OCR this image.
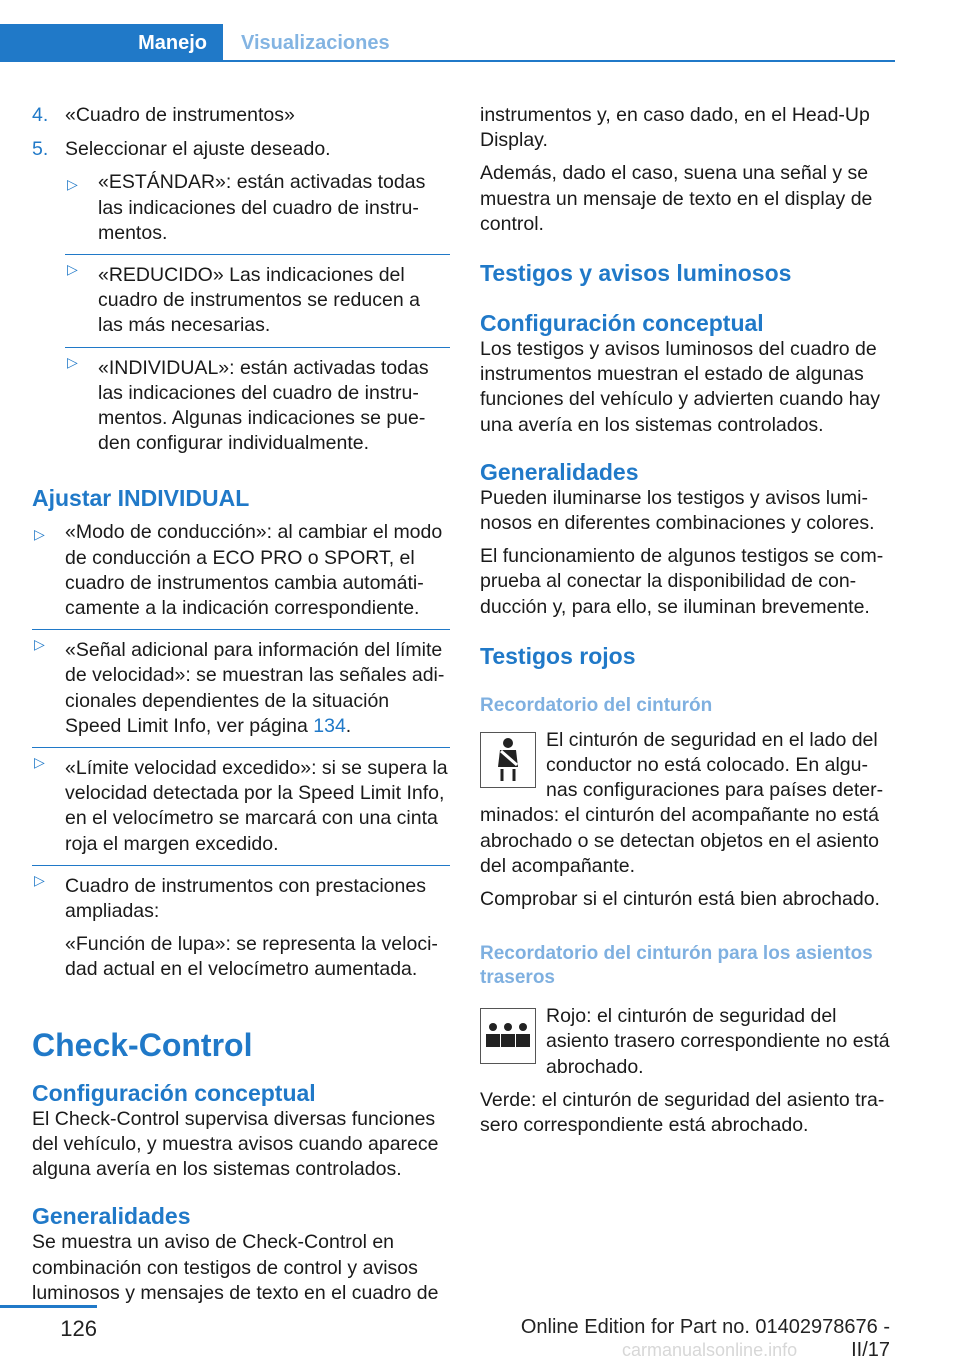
Manejo	Visualizaciones
4. «Cuadro de instrumentos»
5. Seleccionar el ajuste deseado.
▷ «ESTÁNDAR»: están activadas todas las indicaciones del cuadro de instru‐ mentos.
▷ «REDUCIDO» Las indicaciones del cuadro de instrumentos se reducen a las más necesarias.
▷ «INDIVIDUAL»: están activadas todas las indicaciones del cuadro de instru‐ mentos. Algunas indicaciones se pue‐ den configurar individualmente.
Ajustar INDIVIDUAL
▷ «Modo de conducción»: al cambiar el modo de conducción a ECO PRO o SPORT, el cuadro de instrumentos cambia automáti‐ camente a la indicación correspondiente.
▷ «Señal adicional para información del límite de velocidad»: se muestran las señales adi‐ cionales dependientes de la situación Speed Limit Info, ver página 134.
▷ «Límite velocidad excedido»: si se supera la velocidad detectada por la Speed Limit Info, en el velocímetro se marcará con una cinta roja el margen excedido.
▷ Cuadro de instrumentos con prestaciones ampliadas:
«Función de lupa»: se representa la veloci‐ dad actual en el velocímetro aumentada.
Check-Control
Configuración conceptual
El Check-Control supervisa diversas funciones del vehículo, y muestra avisos cuando aparece alguna avería en los sistemas controlados.
Generalidades
Se muestra un aviso de Check-Control en combinación con testigos de control y avisos luminosos y mensajes de texto en el cuadro de
instrumentos y, en caso dado, en el Head-Up Display.
Además, dado el caso, suena una señal y se muestra un mensaje de texto en el display de control.
Testigos y avisos luminosos
Configuración conceptual
Los testigos y avisos luminosos del cuadro de instrumentos muestran el estado de algunas funciones del vehículo y advierten cuando hay una avería en los sistemas controlados.
Generalidades
Pueden iluminarse los testigos y avisos lumi‐ nosos en diferentes combinaciones y colores.
El funcionamiento de algunos testigos se com‐ prueba al conectar la disponibilidad de con‐ ducción y, para ello, se iluminan brevemente.
Testigos rojos
Recordatorio del cinturón
El cinturón de seguridad en el lado del conductor no está colocado. En algu‐ nas configuraciones para países deter‐ minados: el cinturón del acompañante no está abrochado o se detectan objetos en el asiento del acompañante.
Comprobar si el cinturón está bien abrochado.
Recordatorio del cinturón para los asientos traseros
Rojo: el cinturón de seguridad del asiento trasero correspondiente no está abrochado.
Verde: el cinturón de seguridad del asiento tra‐ sero correspondiente está abrochado.
126	Online Edition for Part no. 01402978676 - II/17
carmanualsonline.info
